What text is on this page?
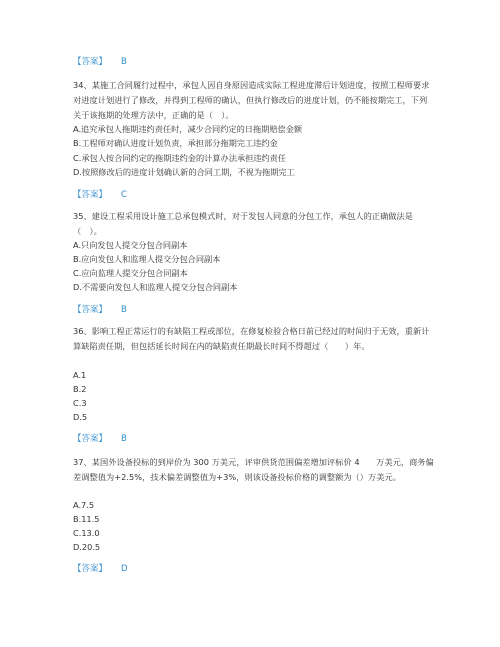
【答案】 B
34、某施工合同履行过程中，承包人因自身原因造成实际工程进度滞后计划进度，按照工程师要求对进度计划进行了修改，并得到工程师的确认，但执行修改后的进度计划，仍不能按期完工，下列关于该拖期的处理方法中，正确的是（　）。
A.追究承包人拖期违约责任时，减少合同约定的日拖期赔偿金额
B.工程师对确认进度计划负责，承担部分拖期完工违约金
C.承包人按合同约定的拖期违约金的计算办法承担违约责任
D.按照修改后的进度计划确认新的合同工期，不视为拖期完工
【答案】 C
35、建设工程采用设计施工总承包模式时，对于发包人同意的分包工作，承包人的正确做法是（　）。
A.只向发包人提交分包合同副本
B.应向发包人和监理人提交分包合同副本
C.应向监理人提交分包合同副本
D.不需要向发包人和监理人提交分包合同副本
【答案】 B
36、影响工程正常运行的有缺陷工程或部位，在修复检验合格日前已经过的时间归于无效，重新计算缺陷责任期，但包括延长时间在内的缺陷责任期最长时间不得超过（　　）年。
A.1
B.2
C.3
D.5
【答案】 B
37、某国外设备投标的到岸价为 300 万美元，评审供货范围偏差增加评标价 4　　万美元，商务偏差调整值为+2.5%，技术偏差调整值为+3%，则该设备投标价格的调整额为（）万美元。
A.7.5
B.11.5
C.13.0
D.20.5
【答案】 D
